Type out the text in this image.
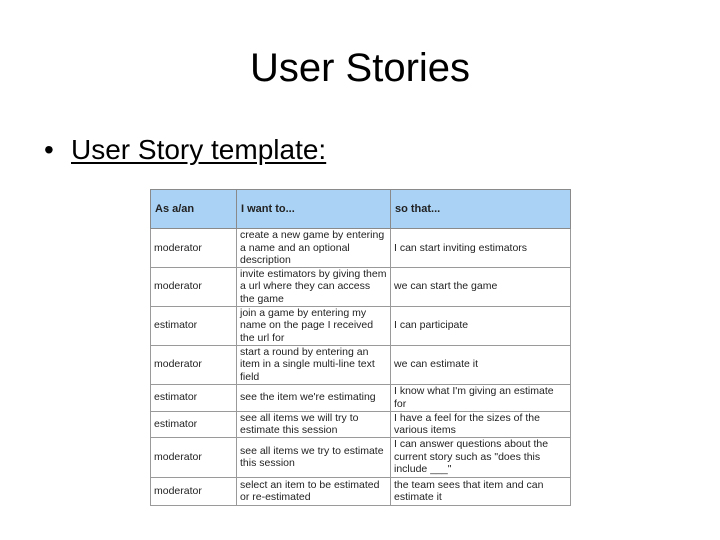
User Stories
• User Story template:
As a/an	I want to...	so that...
moderator	create a new game by entering a name and an optional description	I can start inviting estimators
moderator	invite estimators by giving them a url where they can access the game	we can start the game
estimator	join a game by entering my name on the page I received the url for	I can participate
moderator	start a round by entering an item in a single multi-line text field	we can estimate it
estimator	see the item we're estimating	I know what I'm giving an estimate for
estimator	see all items we will try to estimate this session	I have a feel for the sizes of the various items
moderator	see all items we try to estimate this session	I can answer questions about the current story such as "does this include ___"
moderator	select an item to be estimated or re-estimated	the team sees that item and can estimate it
